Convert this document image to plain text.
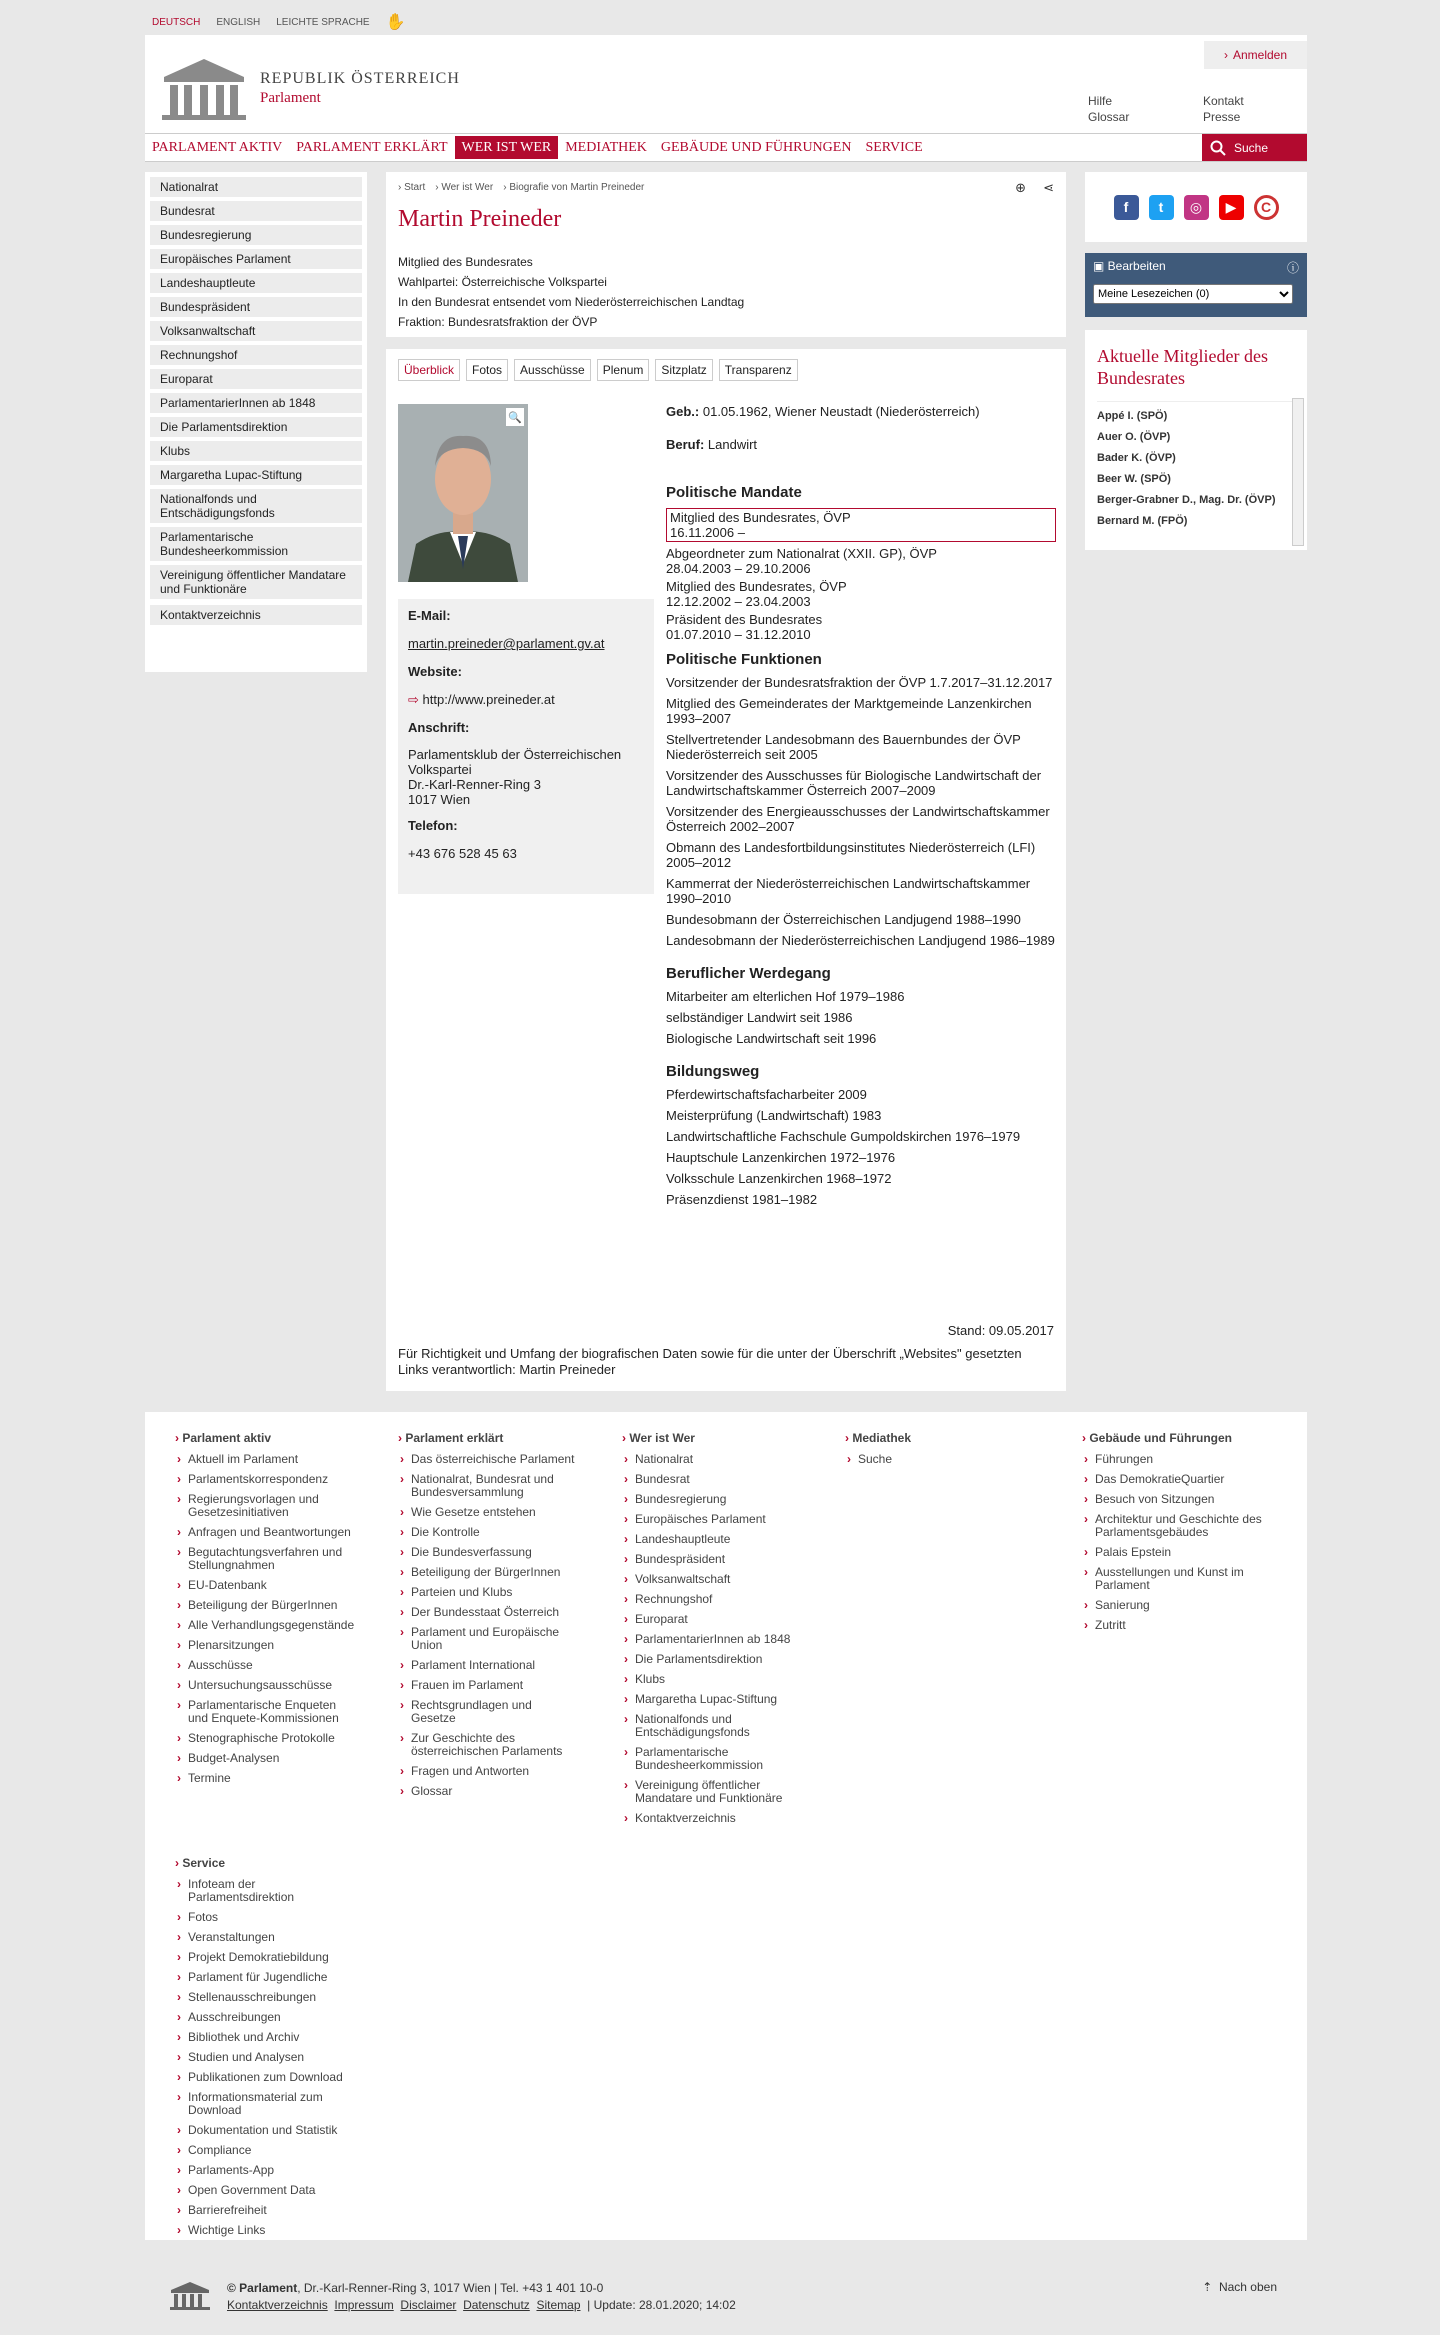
DEUTSCH ENGLISH LEICHTE SPRACHE ✋
REPUBLIK ÖSTERREICH
Parlament
› Anmelden
Hilfe
Glossar
Kontakt
Presse
PARLAMENT AKTIV	PARLAMENT ERKLÄRT	WER IST WER	MEDIATHEK	GEBÄUDE UND FÜHRUNGEN	SERVICE	Suche
Nationalrat
Bundesrat
Bundesregierung
Europäisches Parlament
Landeshauptleute
Bundespräsident
Volksanwaltschaft
Rechnungshof
Europarat
ParlamentarierInnen ab 1848
Die Parlamentsdirektion
Klubs
Margaretha Lupac-Stiftung
Nationalfonds und Entschädigungsfonds
Parlamentarische Bundesheerkommission
Vereinigung öffentlicher Mandatare und Funktionäre
Kontaktverzeichnis
› Start › Wer ist Wer › Biografie von Martin Preineder	⊕ ⋖
Martin Preineder
Mitglied des Bundesrates
Wahlpartei: Österreichische Volkspartei
In den Bundesrat entsendet vom Niederösterreichischen Landtag
Fraktion: Bundesratsfraktion der ÖVP
Überblick	Fotos	Ausschüsse	Plenum	Sitzplatz	Transparenz
🔍
E-Mail:
martin.preineder@parlament.gv.at
Website:
⇨ http://www.preineder.at
Anschrift:
Parlamentsklub der Österreichischen Volkspartei
Dr.-Karl-Renner-Ring 3
1017 Wien
Telefon:
+43 676 528 45 63
Geb.: 01.05.1962, Wiener Neustadt (Niederösterreich)
Beruf: Landwirt
Politische Mandate
Mitglied des Bundesrates, ÖVP
16.11.2006 –
Abgeordneter zum Nationalrat (XXII. GP), ÖVP
28.04.2003 – 29.10.2006
Mitglied des Bundesrates, ÖVP
12.12.2002 – 23.04.2003
Präsident des Bundesrates
01.07.2010 – 31.12.2010
Politische Funktionen
Vorsitzender der Bundesratsfraktion der ÖVP 1.7.2017–31.12.2017
Mitglied des Gemeinderates der Marktgemeinde Lanzenkirchen 1993–2007
Stellvertretender Landesobmann des Bauernbundes der ÖVP Niederösterreich seit 2005
Vorsitzender des Ausschusses für Biologische Landwirtschaft der Landwirtschaftskammer Österreich 2007–2009
Vorsitzender des Energieausschusses der Landwirtschaftskammer Österreich 2002–2007
Obmann des Landesfortbildungsinstitutes Niederösterreich (LFI) 2005–2012
Kammerrat der Niederösterreichischen Landwirtschaftskammer 1990–2010
Bundesobmann der Österreichischen Landjugend 1988–1990
Landesobmann der Niederösterreichischen Landjugend 1986–1989
Beruflicher Werdegang
Mitarbeiter am elterlichen Hof 1979–1986
selbständiger Landwirt seit 1986
Biologische Landwirtschaft seit 1996
Bildungsweg
Pferdewirtschaftsfacharbeiter 2009
Meisterprüfung (Landwirtschaft) 1983
Landwirtschaftliche Fachschule Gumpoldskirchen 1976–1979
Hauptschule Lanzenkirchen 1972–1976
Volksschule Lanzenkirchen 1968–1972
Präsenzdienst 1981–1982
Stand: 09.05.2017
Für Richtigkeit und Umfang der biografischen Daten sowie für die unter der Überschrift „Websites" gesetzten Links verantwortlich: Martin Preineder
f	t	◎	▶	C
▣ Bearbeiten	ⓘ
Meine Lesezeichen (0)
Aktuelle Mitglieder des Bundesrates
Appé I. (SPÖ)
Auer O. (ÖVP)
Bader K. (ÖVP)
Beer W. (SPÖ)
Berger-Grabner D., Mag. Dr. (ÖVP)
Bernard M. (FPÖ)
› Parlament aktiv
› Aktuell im Parlament
› Parlamentskorrespondenz
› Regierungsvorlagen und Gesetzesinitiativen
› Anfragen und Beantwortungen
› Begutachtungsverfahren und Stellungnahmen
› EU-Datenbank
› Beteiligung der BürgerInnen
› Alle Verhandlungsgegenstände
› Plenarsitzungen
› Ausschüsse
› Untersuchungsausschüsse
› Parlamentarische Enqueten und Enquete-Kommissionen
› Stenographische Protokolle
› Budget-Analysen
› Termine
› Parlament erklärt
› Das österreichische Parlament
› Nationalrat, Bundesrat und Bundesversammlung
› Wie Gesetze entstehen
› Die Kontrolle
› Die Bundesverfassung
› Beteiligung der BürgerInnen
› Parteien und Klubs
› Der Bundesstaat Österreich
› Parlament und Europäische Union
› Parlament International
› Frauen im Parlament
› Rechtsgrundlagen und Gesetze
› Zur Geschichte des österreichischen Parlaments
› Fragen und Antworten
› Glossar
› Wer ist Wer
› Nationalrat
› Bundesrat
› Bundesregierung
› Europäisches Parlament
› Landeshauptleute
› Bundespräsident
› Volksanwaltschaft
› Rechnungshof
› Europarat
› ParlamentarierInnen ab 1848
› Die Parlamentsdirektion
› Klubs
› Margaretha Lupac-Stiftung
› Nationalfonds und Entschädigungsfonds
› Parlamentarische Bundesheerkommission
› Vereinigung öffentlicher Mandatare und Funktionäre
› Kontaktverzeichnis
› Mediathek
› Suche
› Gebäude und Führungen
› Führungen
› Das DemokratieQuartier
› Besuch von Sitzungen
› Architektur und Geschichte des Parlamentsgebäudes
› Palais Epstein
› Ausstellungen und Kunst im Parlament
› Sanierung
› Zutritt
› Service
› Infoteam der Parlamentsdirektion
› Fotos
› Veranstaltungen
› Projekt Demokratiebildung
› Parlament für Jugendliche
› Stellenausschreibungen
› Ausschreibungen
› Bibliothek und Archiv
› Studien und Analysen
› Publikationen zum Download
› Informationsmaterial zum Download
› Dokumentation und Statistik
› Compliance
› Parlaments-App
› Open Government Data
› Barrierefreiheit
› Wichtige Links
© Parlament, Dr.-Karl-Renner-Ring 3, 1017 Wien | Tel. +43 1 401 10-0
Kontaktverzeichnis Impressum Disclaimer Datenschutz Sitemap | Update: 28.01.2020; 14:02
⇡ Nach oben
